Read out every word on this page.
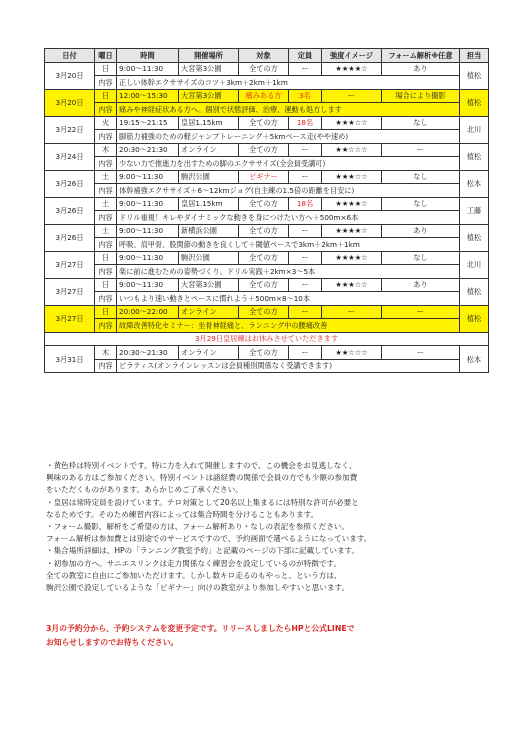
日付	曜日	時間	開催場所	対象	定員	強度イメージ	フォーム解析※任意	担当
3月20日	日	9:00～11:30	大宮第3公園	全ての方	ー	★★★★☆	あり	植松
	内容	正しい体幹エクササイズのコツ＋3km＋2km＋1km						
3月20日	日	12:00～15:30	大宮第3公園	痛みある方	3名	ー	場合により撮影	植松
	内容	痛みや神経症状ある方へ。個別で状態評価、治療、運動も処方します						
3月22日	火	19:15～21:15	皇居1.15km	全ての方	18名	★★★☆☆	なし	北川
	内容	脚筋力補強のための軽ジャンプトレーニング＋5kmペース走(やや速め)						
3月24日	木	20:30～21:30	オンライン	全ての方	ー	★★☆☆☆	ー	植松
	内容	少ない力で推進力を出すための脚のエクササイズ(全会員受講可)						
3月26日	土	9:00～11:30	駒沢公園	ビギナー	ー	★★★☆☆	なし	松本
	内容	体幹補強エクササイズ＋6～12kmジョグ(自主練の1.5倍の距離を目安に)						
3月26日	土	9:00～11:30	皇居1.15km	全ての方	18名	★★★★☆	なし	工藤
	内容	ドリル重視！キレやダイナミックな動きを身につけたい方へ＋500m×6本						
3月26日	土	9:00～11:30	新横浜公園	全ての方	ー	★★★★☆	あり	植松
	内容	呼吸、肩甲骨、股関節の動きを良くして＋閾値ペースで3km＋2km＋1km						
3月27日	日	9:00～11:30	駒沢公園	全ての方	ー	★★★★☆	なし	北川
	内容	楽に前に進むための姿勢づくり、ドリル実践＋2km×3～5本						
3月27日	日	9:00～11:30	大宮第3公園	全ての方	ー	★★★☆☆	あり	植松
	内容	いつもより速い動きとペースに慣れよう＋500m×8～10本						
3月27日	日	20:00～22:00	オンライン	全ての方	ー	ー	ー	植松
	内容	故障改善特化セミナー：坐骨神経痛と、ランニング中の腰痛改善						
3月29日皇居練はお休みさせていただきます								
3月31日	木	20:30～21:30	オンライン	全ての方	ー	★★☆☆☆	ー	松本
	内容	ピラティス(オンラインレッスンは会員種別関係なく受講できます)						

・黄色枠は特別イベントです。特に力を入れて開催しますので、この機会をお見逃しなく、

興味のある方はご参加ください。特別イベントは諸経費の関係で会員の方でも少額の参加費

をいただくものがあります。あらかじめご了承ください。

・皇居は常時定員を設けています。テロ対策として20名以上集まるには特別な許可が必要と

なるためです。そのため練習内容によっては集合時間を分けることもあります。

・フォーム撮影、解析をご希望の方は、フォーム解析あり・なしの表記を参照ください。

フォーム解析は参加費とは別途でのサービスですので、予約画面で選べるようになっています。

・集合場所詳細は、HPの「ランニング教室予約」と記載のページの下部に記載しています。

・初参加の方へ。サニエスリンクは走力関係なく練習会を設定しているのが特徴です。

全ての教室に自由にご参加いただけます。しかし数キロ走るのもやっと、という方は、

駒沢公園で設定しているような「ビギナー」向けの教室がより参加しやすいと思います。

3月の予約分から、予約システムを変更予定です。リリースしましたらHPと公式LINEで

お知らせしますのでお待ちください。
